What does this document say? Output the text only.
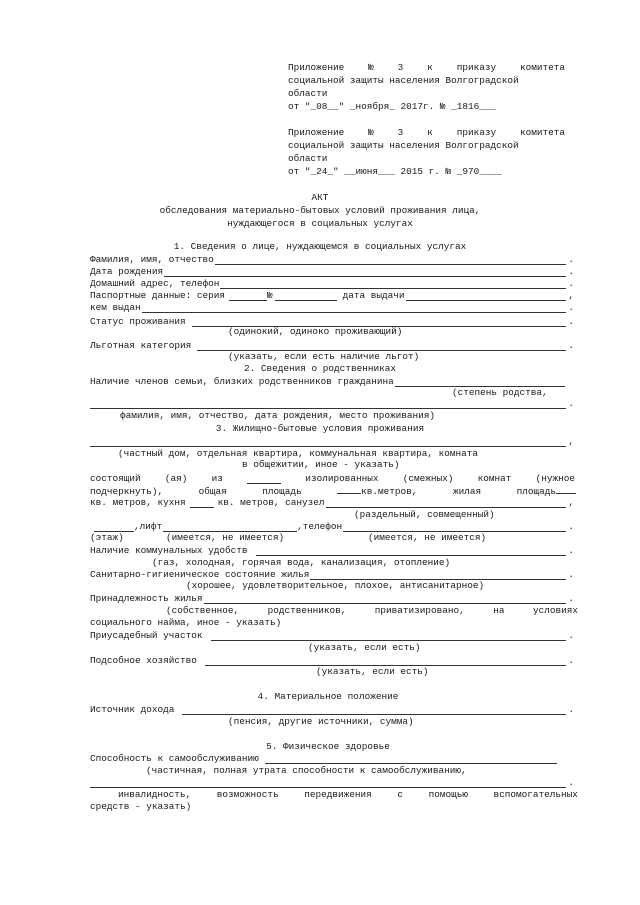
Приложение	№	3	к	приказу	комитета
социальной защиты населения Волгоградской
области
от "_08__" _ноября_ 2017г. № _1816___
Приложение	№	3	к	приказу	комитета
социальной защиты населения Волгоградской
области
от "_24_" __июня___ 2015 г. № _970____
АКТ
обследования материально-бытовых условий проживания лица,
нуждающегося в социальных услугах
1. Сведения о лице, нуждающемся в социальных услугах
Фамилия, имя, отчество	.
Дата рождения	.
Домашний адрес, телефон	.
Паспортные данные: серия	№	дата выдачи	,
кем выдан	.
Статус проживания	.
(одинокий, одиноко проживающий)
Льготная категория	.
(указать, если есть наличие льгот)
2. Сведения о родственниках
Наличие членов семьи, близких родственников гражданина
(степень родства,
.
фамилия, имя, отчество, дата рождения, место проживания)
3. Жилищно-бытовые условия проживания
,
(частный дом, отдельная квартира, коммунальная квартира, комната
в общежитии, иное - указать)
состоящий	(ая)	из	изолированных	(смежных)	комнат	(нужное
подчеркнуть),	общая	площадь	кв.метров,	жилая	площадь
кв. метров, кухня	кв. метров, санузел	,
(раздельный, совмещенный)
,лифт	,телефон	.
(этаж)	(имеется, не имеется)	(имеется, не имеется)
Наличие коммунальных удобств	.
(газ, холодная, горячая вода, канализация, отопление)
Санитарно-гигиеническое состояние жилья	.
(хорошее, удовлетворительное, плохое, антисанитарное)
Принадлежность жилья	.
(собственное,	родственников,	приватизировано,	на	условиях
социального найма, иное - указать)
Приусадебный участок	.
(указать, если есть)
Подсобное хозяйство	.
(указать, если есть)
4. Материальное положение
Источник дохода	.
(пенсия, другие источники, сумма)
5. Физическое здоровье
Способность к самообслуживанию
(частичная, полная утрата способности к самообслуживанию,
.
инвалидность,	возможность	передвижения	с	помощью	вспомогательных
средств - указать)
